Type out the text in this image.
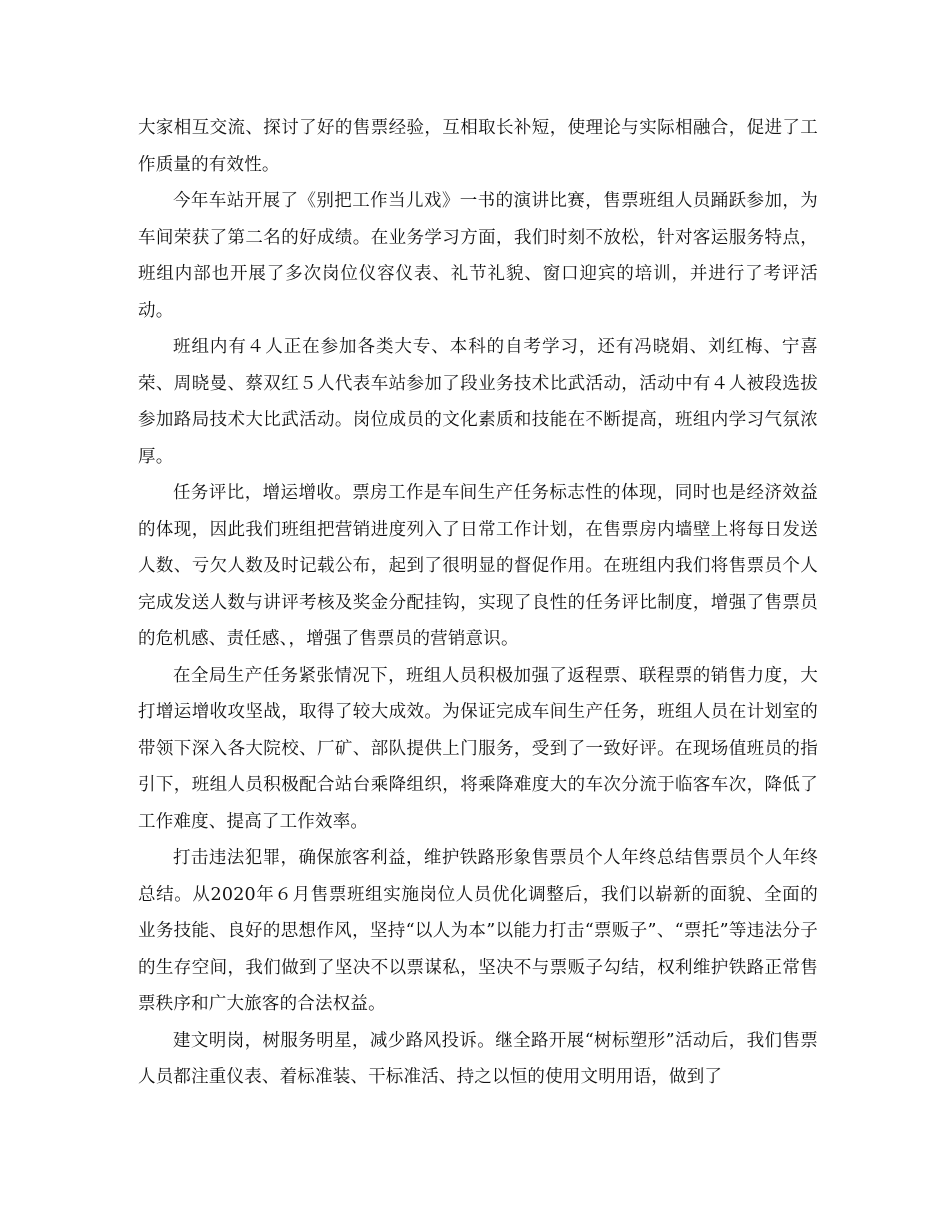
大家相互交流、探讨了好的售票经验，互相取长补短，使理论与实际相融合，促进了工作质量的有效性。

今年车站开展了《别把工作当儿戏》一书的演讲比赛，售票班组人员踊跃参加，为车间荣获了第二名的好成绩。在业务学习方面，我们时刻不放松，针对客运服务特点，班组内部也开展了多次岗位仪容仪表、礼节礼貌、窗口迎宾的培训，并进行了考评活动。

班组内有４人正在参加各类大专、本科的自考学习，还有冯晓娟、刘红梅、宁喜荣、周晓曼、蔡双红５人代表车站参加了段业务技术比武活动，活动中有４人被段选拔参加路局技术大比武活动。岗位成员的文化素质和技能在不断提高，班组内学习气氛浓厚。

任务评比，增运增收。票房工作是车间生产任务标志性的体现，同时也是经济效益的体现，因此我们班组把营销进度列入了日常工作计划，在售票房内墙壁上将每日发送人数、亏欠人数及时记载公布，起到了很明显的督促作用。在班组内我们将售票员个人完成发送人数与讲评考核及奖金分配挂钩，实现了良性的任务评比制度，增强了售票员的危机感、责任感、，增强了售票员的营销意识。

在全局生产任务紧张情况下，班组人员积极加强了返程票、联程票的销售力度，大打增运增收攻坚战，取得了较大成效。为保证完成车间生产任务，班组人员在计划室的带领下深入各大院校、厂矿、部队提供上门服务，受到了一致好评。在现场值班员的指引下，班组人员积极配合站台乘降组织，将乘降难度大的车次分流于临客车次，降低了工作难度、提高了工作效率。

打击违法犯罪，确保旅客利益，维护铁路形象售票员个人年终总结售票员个人年终总结。从2020年６月售票班组实施岗位人员优化调整后，我们以崭新的面貌、全面的业务技能、良好的思想作风，坚持“以人为本”以能力打击“票贩子”、“票托”等违法分子的生存空间，我们做到了坚决不以票谋私，坚决不与票贩子勾结，权利维护铁路正常售票秩序和广大旅客的合法权益。

建文明岗，树服务明星，减少路风投诉。继全路开展“树标塑形”活动后，我们售票人员都注重仪表、着标准装、干标准活、持之以恒的使用文明用语，做到了
